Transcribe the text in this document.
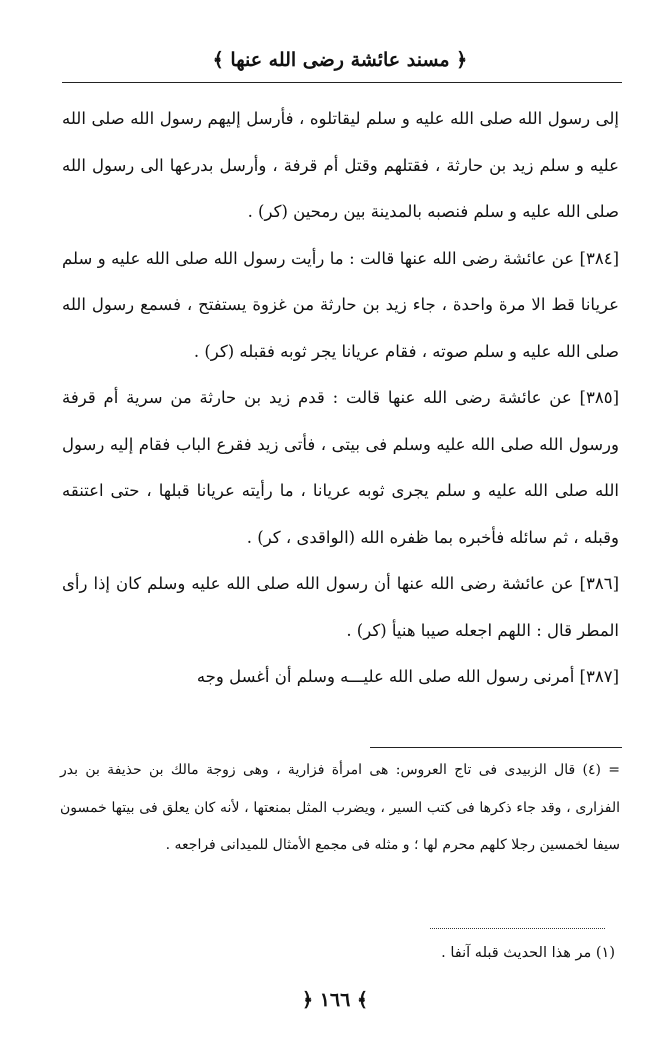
﴿ مسند عائشة رضى الله عنها ﴾

إلى رسول الله صلى الله عليه و سلم ليقاتلوه ، فأرسل إليهم رسول الله صلى الله عليه و سلم زيد بن حارثة ، فقتلهم وقتل أم قرفة ، وأرسل بدرعها الى رسول الله صلى الله عليه و سلم فنصبه بالمدينة بين رمحين (كر) .

[٣٨٤] عن عائشة رضى الله عنها قالت : ما رأيت رسول الله صلى الله عليه و سلم عريانا قط الا مرة واحدة ، جاء زيد بن حارثة من غزوة يستفتح ، فسمع رسول الله صلى الله عليه و سلم صوته ، فقام عريانا يجر ثوبه فقبله (كر) .

[٣٨٥] عن عائشة رضى الله عنها قالت : قدم زيد بن حارثة من سرية أم قرفة ورسول الله صلى الله عليه وسلم فى بيتى ، فأتى زيد فقرع الباب فقام إليه رسول الله صلى الله عليه و سلم يجرى ثوبه عريانا ، ما رأيته عريانا قبلها ، حتى اعتنقه وقبله ، ثم سائله فأخبره بما ظفره الله (الواقدى ، كر) .

[٣٨٦] عن عائشة رضى الله عنها أن رسول الله صلى الله عليه وسلم كان إذا رأى المطر قال : اللهم اجعله صيبا هنيأ (كر) .

[٣٨٧] أمرنى رسول الله صلى الله عليـــه وسلم أن أغسل وجه

= (٤) قال الزبيدى فى تاج العروس: هى امرأة فزارية ، وهى زوجة مالك بن حذيفة بن بدر الفزارى ، وقد جاء ذكرها فى كتب السير ، ويضرب المثل بمنعتها ، لأنه كان يعلق فى بيتها خمسون سيفا لخمسين رجلا كلهم محرم لها ؛ و مثله فى مجمع الأمثال للميدانى فراجعه .

(١) مر هذا الحديث قبله آنفا .

﴿ ١٦٦ ﴾
